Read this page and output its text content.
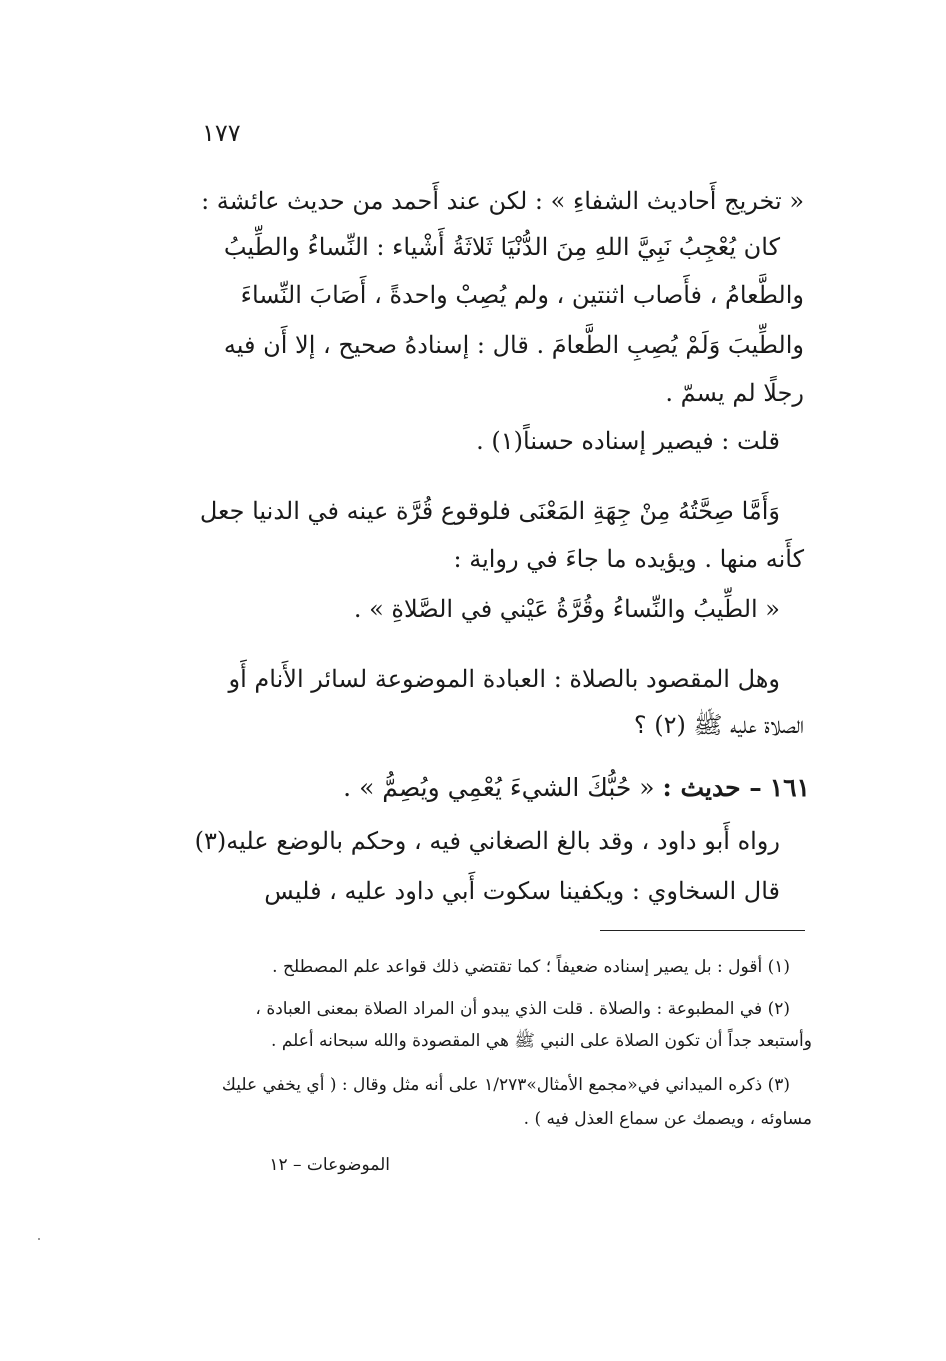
١٧٧
« تخريج أَحاديث الشفاءِ » : لكن عند أَحمد من حديث عائشة :
كان يُعْجِبُ نَبِيَّ اللهِ مِنَ الدُّنْيَا ثَلاثَةُ أَشْياء : النِّساءُ والطِّيبُ
والطَّعامُ ، فأَصاب اثنتين ، ولم يُصِبْ واحدةً ، أَصَابَ النِّساءَ
والطِّيبَ وَلَمْ يُصِبِ الطَّعامَ . قال : إسنادهُ صحيح ، إلا أَن فيه
رجلًا لم يسمّ .
قلت : فيصير إسناده حسناً(١) .
وَأَمَّا صِحَّتُهُ مِنْ جِهَةِ المَعْنَى فلوقوع قُرَّة عينه في الدنيا جعل
كأَنه منها . ويؤيده ما جاءَ في رواية :
« الطِّيبُ والنِّساءُ وقُرَّةُ عَيْني في الصَّلاةِ » .
وهل المقصود بالصلاة : العبادة الموضوعة لسائر الأَنام أَو
الصلاة عليه ﷺ (٢) ؟
١٦١ – حديث : « حُبُّكَ الشيءَ يُعْمِي ويُصِمُّ » .
رواه أَبو داود ، وقد بالغ الصغاني فيه ، وحكم بالوضع عليه(٣)
قال السخاوي : ويكفينا سكوت أَبي داود عليه ، فليس
(١) أقول : بل يصير إسناده ضعيفاً ؛ كما تقتضي ذلك قواعد علم المصطلح .
(٢) في المطبوعة : والصلاة . قلت الذي يبدو أن المراد الصلاة بمعنى العبادة ،
وأستبعد جداً أن تكون الصلاة على النبي ﷺ هي المقصودة والله سبحانه أعلم .
(٣) ذكره الميداني في«مجمع الأمثال»١/٢٧٣ على أنه مثل وقال : ( أي يخفي عليك
مساوئه ، ويصمك عن سماع العذل فيه ) .
الموضوعات – ١٢
